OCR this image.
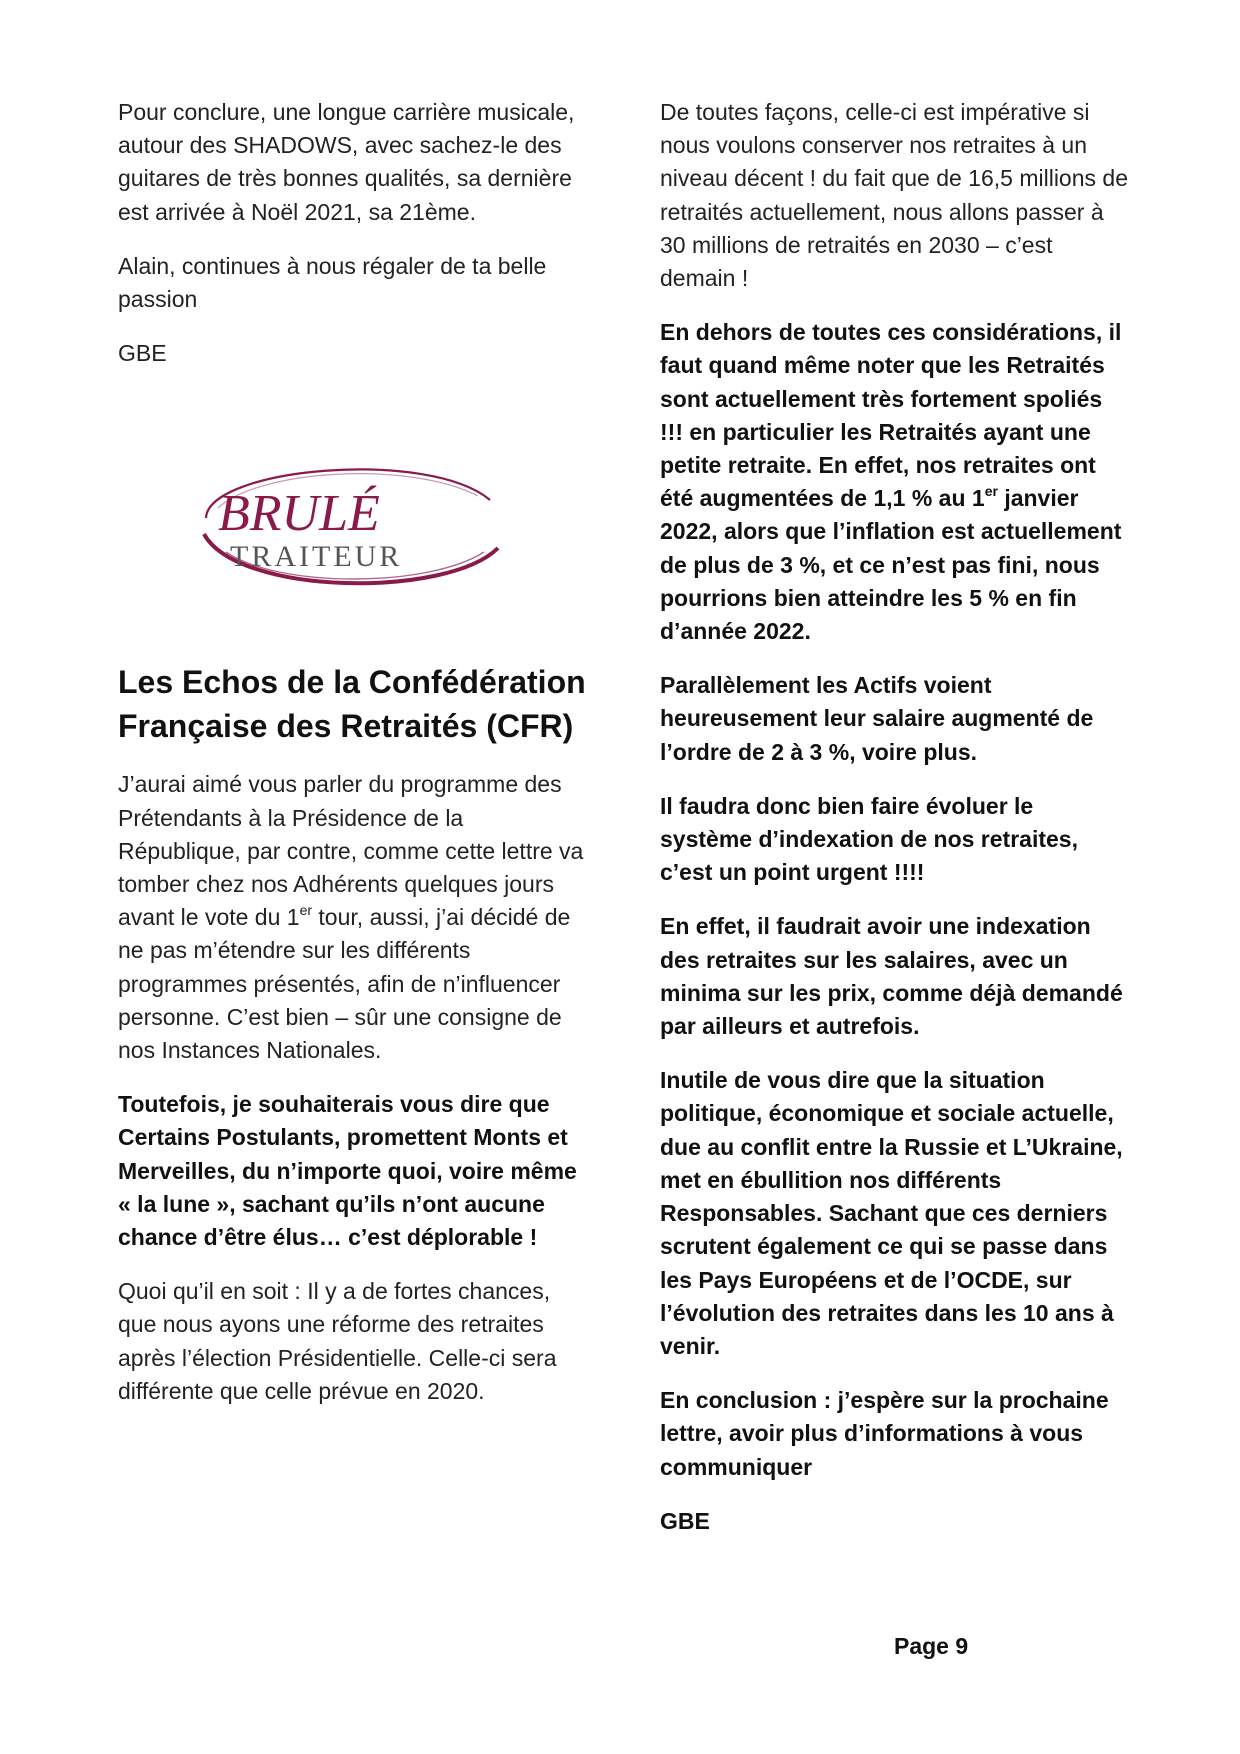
Pour conclure, une longue carrière musicale, autour des SHADOWS, avec sachez-le des guitares de très bonnes qualités, sa dernière est arrivée à Noël 2021, sa 21ème.

Alain, continues à nous régaler de ta belle passion

GBE

BRULÉ
TRAITEUR
Les Echos de la Confédération Française des Retraités (CFR)

J’aurai aimé vous parler du programme des Prétendants à la Présidence de la République, par contre, comme cette lettre va tomber chez nos Adhérents quelques jours avant le vote du 1er tour, aussi, j’ai décidé de ne pas m’étendre sur les différents programmes présentés, afin de n’influencer personne. C’est bien – sûr une consigne de nos Instances Nationales.

Toutefois, je souhaiterais vous dire que Certains Postulants, promettent Monts et Merveilles, du n’importe quoi, voire même « la lune », sachant qu’ils n’ont aucune chance d’être élus… c’est déplorable !

Quoi qu’il en soit : Il y a de fortes chances, que nous ayons une réforme des retraites après l’élection Présidentielle. Celle-ci sera différente que celle prévue en 2020.

De toutes façons, celle-ci est impérative si nous voulons conserver nos retraites à un niveau décent ! du fait que de 16,5 millions de retraités actuellement, nous allons passer à 30 millions de retraités en 2030 – c’est demain !

En dehors de toutes ces considérations, il faut quand même noter que les Retraités sont actuellement très fortement spoliés !!! en particulier les Retraités ayant une petite retraite. En effet, nos retraites ont été augmentées de 1,1 % au 1er janvier 2022, alors que l’inflation est actuellement de plus de 3 %, et ce n’est pas fini, nous pourrions bien atteindre les 5 % en fin d’année 2022.

Parallèlement les Actifs voient heureusement leur salaire augmenté de l’ordre de 2 à 3 %, voire plus.

Il faudra donc bien faire évoluer le système d’indexation de nos retraites, c’est un point urgent !!!!

En effet, il faudrait avoir une indexation des retraites sur les salaires, avec un minima sur les prix, comme déjà demandé par ailleurs et autrefois.

Inutile de vous dire que la situation politique, économique et sociale actuelle, due au conflit entre la Russie et L’Ukraine, met en ébullition nos différents Responsables. Sachant que ces derniers scrutent également ce qui se passe dans les Pays Européens et de l’OCDE, sur l’évolution des retraites dans les 10 ans à venir.

En conclusion : j’espère sur la prochaine lettre, avoir plus d’informations à vous communiquer

GBE

Page 9
